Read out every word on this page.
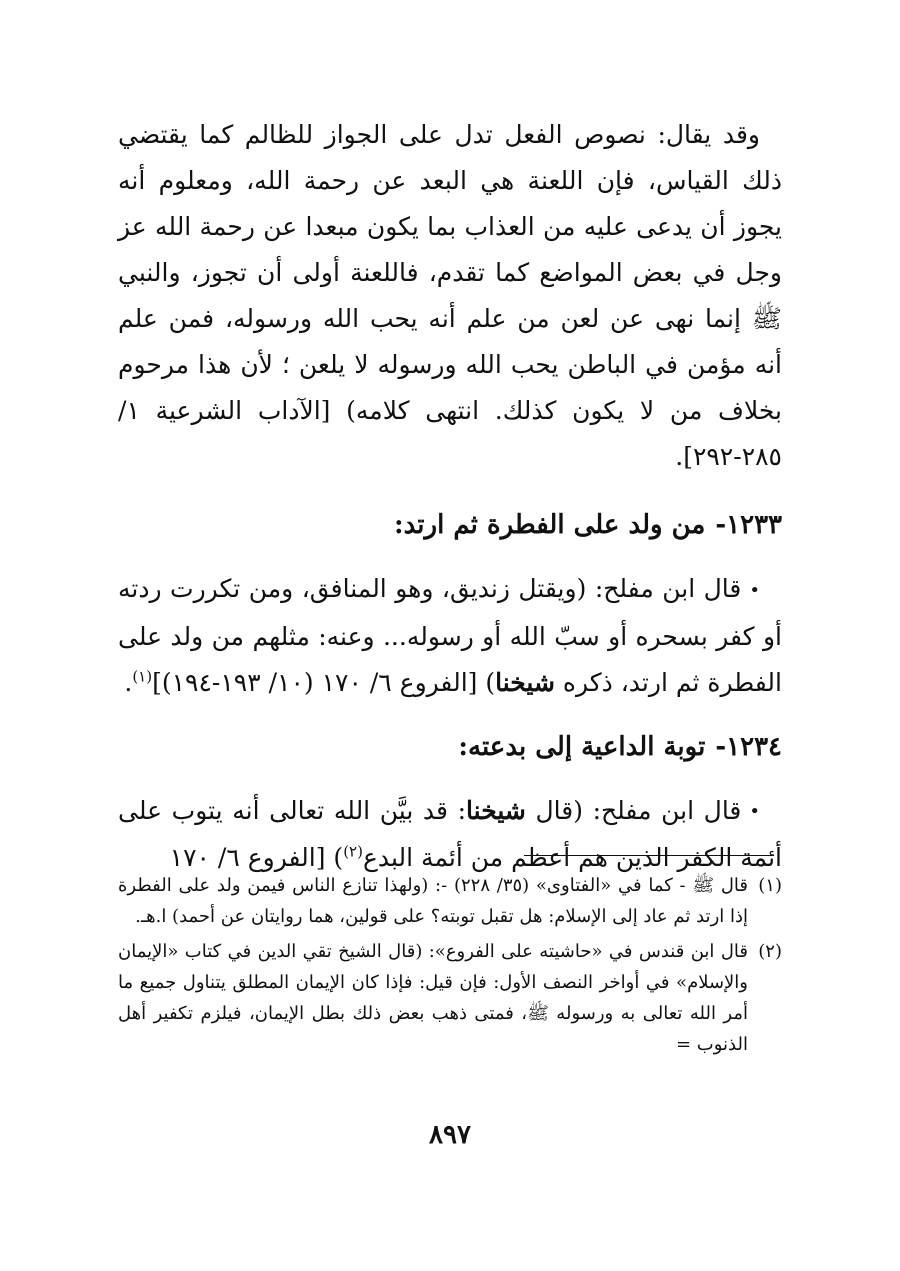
وقد يقال: نصوص الفعل تدل على الجواز للظالم كما يقتضي ذلك القياس، فإن اللعنة هي البعد عن رحمة الله، ومعلوم أنه يجوز أن يدعى عليه من العذاب بما يكون مبعدا عن رحمة الله عز وجل في بعض المواضع كما تقدم، فاللعنة أولى أن تجوز، والنبي ﷺ إنما نهى عن لعن من علم أنه يحب الله ورسوله، فمن علم أنه مؤمن في الباطن يحب الله ورسوله لا يلعن ؛ لأن هذا مرحوم بخلاف من لا يكون كذلك. انتهى كلامه) [الآداب الشرعية ١/ ٢٨٥-٢٩٢].

١٢٣٣-من ولد على الفطرة ثم ارتد:

•قال ابن مفلح: (ويقتل زنديق، وهو المنافق، ومن تكررت ردته أو كفر بسحره أو سبّ الله أو رسوله... وعنه: مثلهم من ولد على الفطرة ثم ارتد، ذكره شيخنا) [الفروع ٦/ ١٧٠ (١٠/ ١٩٣-١٩٤)]$^{(١)}$.

١٢٣٤-توبة الداعية إلى بدعته:

•قال ابن مفلح: (قال شيخنا: قد بيَّن الله تعالى أنه يتوب على أئمة الكفر الذين هم أعظم من أئمة البدع$^{(٢)}$) [الفروع ٦/ ١٧٠

(١)
قال ﷺ - كما في «الفتاوى» (٣٥/ ٢٢٨) -: (ولهذا تنازع الناس فيمن ولد على الفطرة إذا ارتد ثم عاد إلى الإسلام: هل تقبل توبته؟ على قولين، هما روايتان عن أحمد) ا.هـ.
(٢)
قال ابن قندس في «حاشيته على الفروع»: (قال الشيخ تقي الدين في كتاب «الإيمان والإسلام» في أواخر النصف الأول: فإن قيل: فإذا كان الإيمان المطلق يتناول جميع ما أمر الله تعالى به ورسوله ﷺ، فمتى ذهب بعض ذلك بطل الإيمان، فيلزم تكفير أهل الذنوب =
٨٩٧
